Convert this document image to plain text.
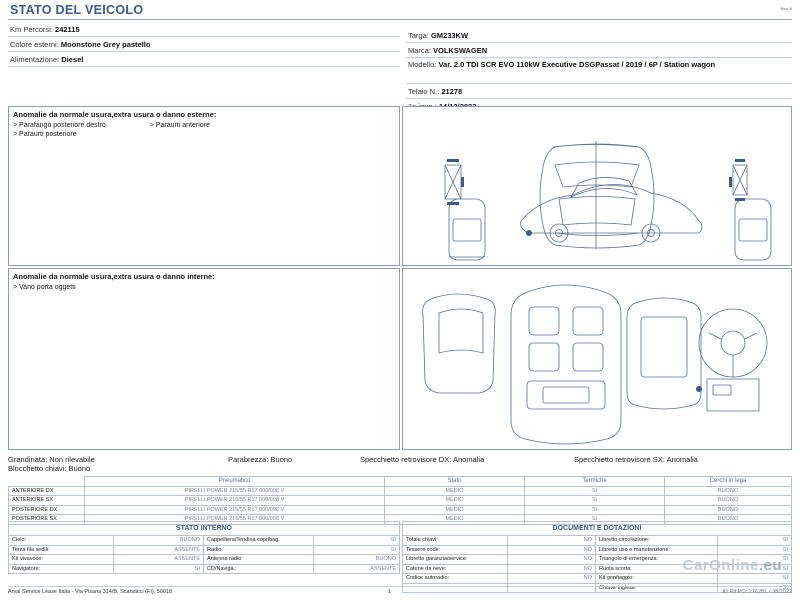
STATO DEL VEICOLO	Rev. A
Km Percorsi: 242115
Colore esterni: Moonstone Grey pastello
Alimentazione: Diesel
Targa: GM233KW
Marca: VOLKSWAGEN
Modello: Var. 2.0 TDI SCR EVO 110kW Executive DSGPassat / 2019 / 6P / Station wagon
Telaio N.: 21278
Anomalie da normale usura,extra usura o danno esterne:
> Parafango posteriore destro	> Paraurti anteriore
> Paraurti posteriore
Anomalie da normale usura,extra usura o danno interne:
> Vano porta oggetti
Grandinata: Non rilevabile
Blocchetto chiavi: Buono
Parabrezza: Buono	Specchietto retrovisore DX: Anomalia	Specchietto retrovisore SX: Anomalia
	Pneumatico	Stato	Termiche	Cerchi in lega
ANTERIORE DX	PIRELLI POWER 215/55 R17 000/098 V	MEDIO	Si	BUONO
ANTERIORE SX	PIRELLI POWER 215/55 R17 000/098 V	MEDIO	Si	BUONO
POSTERIORE DX	PIRELLI POWER 215/55 R17 000/098 V	MEDIO	Si	BUONO
POSTERIORE SX	PIRELLI POWER 215/55 R17 000/098 V	MEDIO	Si	BUONO
STATO INTERNO			
Cielo:	BUONO	Cappelliera/Tendina copribag.	SI
Terza fila sedili:	ASSENTE	Radio:	SI
Kit vivavoce:	ASSENTE	Antenna radio:	BUONO
Navigatore:	SI	CD/Naviga.:	ASSENTE
DOCUMENTI E DOTAZIONI			
Totale chiavi:	NO	Libretto circolazione:	SI
Tessere code:	NO	Libretto uso e manutenzione:	SI
Libretto garanzia/service:	NO	Triangolo di emergenza:	SI
Catene da neve:	NO	Ruota scorta:	SI
Codice autoradio:	NO	Kit gonfiaggio:	SI
		Chiave inglese:	SI
CarOnline.eu
Arval Service Lease Italia - Via Pisana 314/B, Scandicci (FI), 50018	1	ID Rif.PO: 2762BL / 38/2022
